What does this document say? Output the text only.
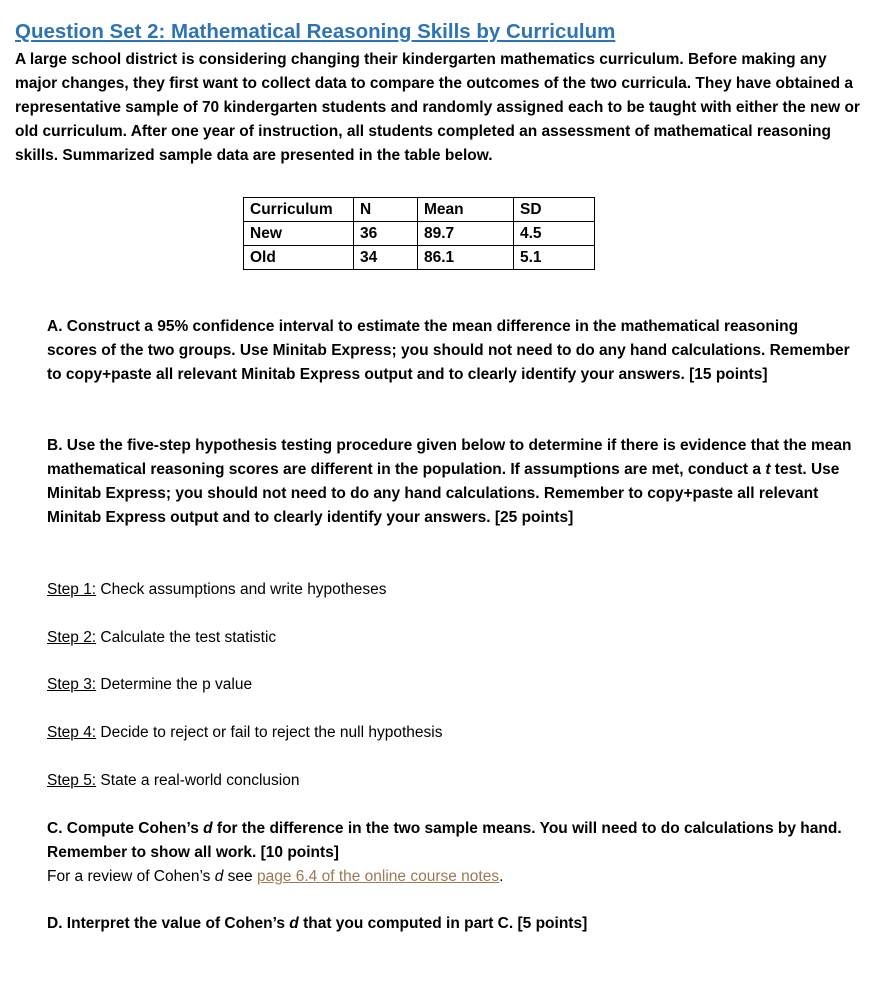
Question Set 2: Mathematical Reasoning Skills by Curriculum

A large school district is considering changing their kindergarten mathematics curriculum. Before making any major changes, they first want to collect data to compare the outcomes of the two curricula. They have obtained a representative sample of 70 kindergarten students and randomly assigned each to be taught with either the new or old curriculum. After one year of instruction, all students completed an assessment of mathematical reasoning skills. Summarized sample data are presented in the table below.

Curriculum	N	Mean	SD
New	36	89.7	4.5
Old	34	86.1	5.1

A. Construct a 95% confidence interval to estimate the mean difference in the mathematical reasoning scores of the two groups. Use Minitab Express; you should not need to do any hand calculations. Remember to copy+paste all relevant Minitab Express output and to clearly identify your answers. [15 points]

B. Use the five-step hypothesis testing procedure given below to determine if there is evidence that the mean mathematical reasoning scores are different in the population. If assumptions are met, conduct a t test. Use Minitab Express; you should not need to do any hand calculations. Remember to copy+paste all relevant Minitab Express output and to clearly identify your answers. [25 points]

Step 1: Check assumptions and write hypotheses

Step 2: Calculate the test statistic

Step 3: Determine the p value

Step 4: Decide to reject or fail to reject the null hypothesis

Step 5: State a real-world conclusion

C. Compute Cohen’s d for the difference in the two sample means. You will need to do calculations by hand. Remember to show all work. [10 points]

For a review of Cohen’s d see page 6.4 of the online course notes.

D. Interpret the value of Cohen’s d that you computed in part C. [5 points]
